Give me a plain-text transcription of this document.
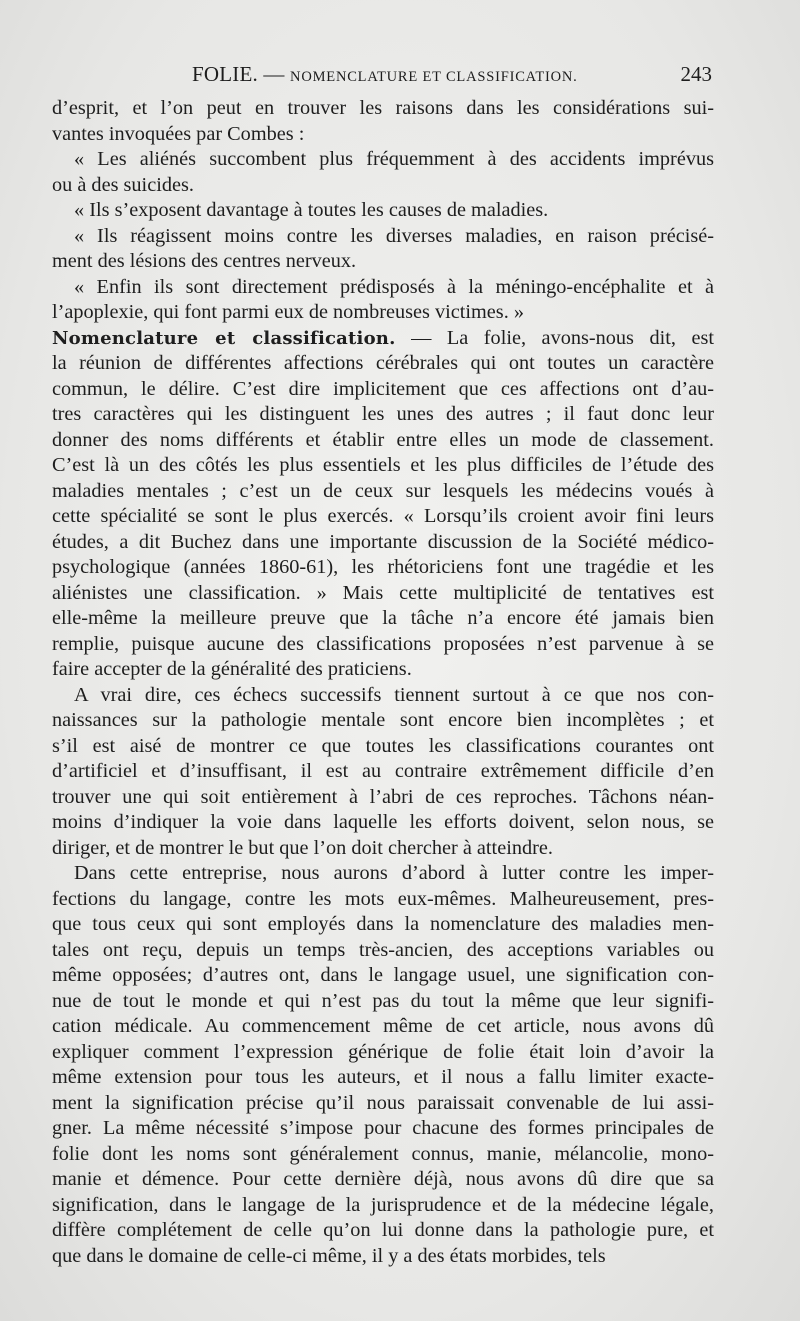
FOLIE. — NOMENCLATURE ET CLASSIFICATION.	243
d’esprit, et l’on peut en trouver les raisons dans les considérations sui-
vantes invoquées par Combes :
« Les aliénés succombent plus fréquemment à des accidents imprévus
ou à des suicides.
« Ils s’exposent davantage à toutes les causes de maladies.
« Ils réagissent moins contre les diverses maladies, en raison précisé-
ment des lésions des centres nerveux.
« Enfin ils sont directement prédisposés à la méningo-encéphalite et à
l’apoplexie, qui font parmi eux de nombreuses victimes. »
Nomenclature et classification. — La folie, avons-nous dit, est
la réunion de différentes affections cérébrales qui ont toutes un caractère
commun, le délire. C’est dire implicitement que ces affections ont d’au-
tres caractères qui les distinguent les unes des autres ; il faut donc leur
donner des noms différents et établir entre elles un mode de classement.
C’est là un des côtés les plus essentiels et les plus difficiles de l’étude des
maladies mentales ; c’est un de ceux sur lesquels les médecins voués à
cette spécialité se sont le plus exercés. « Lorsqu’ils croient avoir fini leurs
études, a dit Buchez dans une importante discussion de la Société médico-
psychologique (années 1860-61), les rhétoriciens font une tragédie et les
aliénistes une classification. » Mais cette multiplicité de tentatives est
elle-même la meilleure preuve que la tâche n’a encore été jamais bien
remplie, puisque aucune des classifications proposées n’est parvenue à se
faire accepter de la généralité des praticiens.
A vrai dire, ces échecs successifs tiennent surtout à ce que nos con-
naissances sur la pathologie mentale sont encore bien incomplètes ; et
s’il est aisé de montrer ce que toutes les classifications courantes ont
d’artificiel et d’insuffisant, il est au contraire extrêmement difficile d’en
trouver une qui soit entièrement à l’abri de ces reproches. Tâchons néan-
moins d’indiquer la voie dans laquelle les efforts doivent, selon nous, se
diriger, et de montrer le but que l’on doit chercher à atteindre.
Dans cette entreprise, nous aurons d’abord à lutter contre les imper-
fections du langage, contre les mots eux-mêmes. Malheureusement, pres-
que tous ceux qui sont employés dans la nomenclature des maladies men-
tales ont reçu, depuis un temps très-ancien, des acceptions variables ou
même opposées; d’autres ont, dans le langage usuel, une signification con-
nue de tout le monde et qui n’est pas du tout la même que leur signifi-
cation médicale. Au commencement même de cet article, nous avons dû
expliquer comment l’expression générique de folie était loin d’avoir la
même extension pour tous les auteurs, et il nous a fallu limiter exacte-
ment la signification précise qu’il nous paraissait convenable de lui assi-
gner. La même nécessité s’impose pour chacune des formes principales de
folie dont les noms sont généralement connus, manie, mélancolie, mono-
manie et démence. Pour cette dernière déjà, nous avons dû dire que sa
signification, dans le langage de la jurisprudence et de la médecine légale,
diffère complétement de celle qu’on lui donne dans la pathologie pure, et
que dans le domaine de celle-ci même, il y a des états morbides, tels
